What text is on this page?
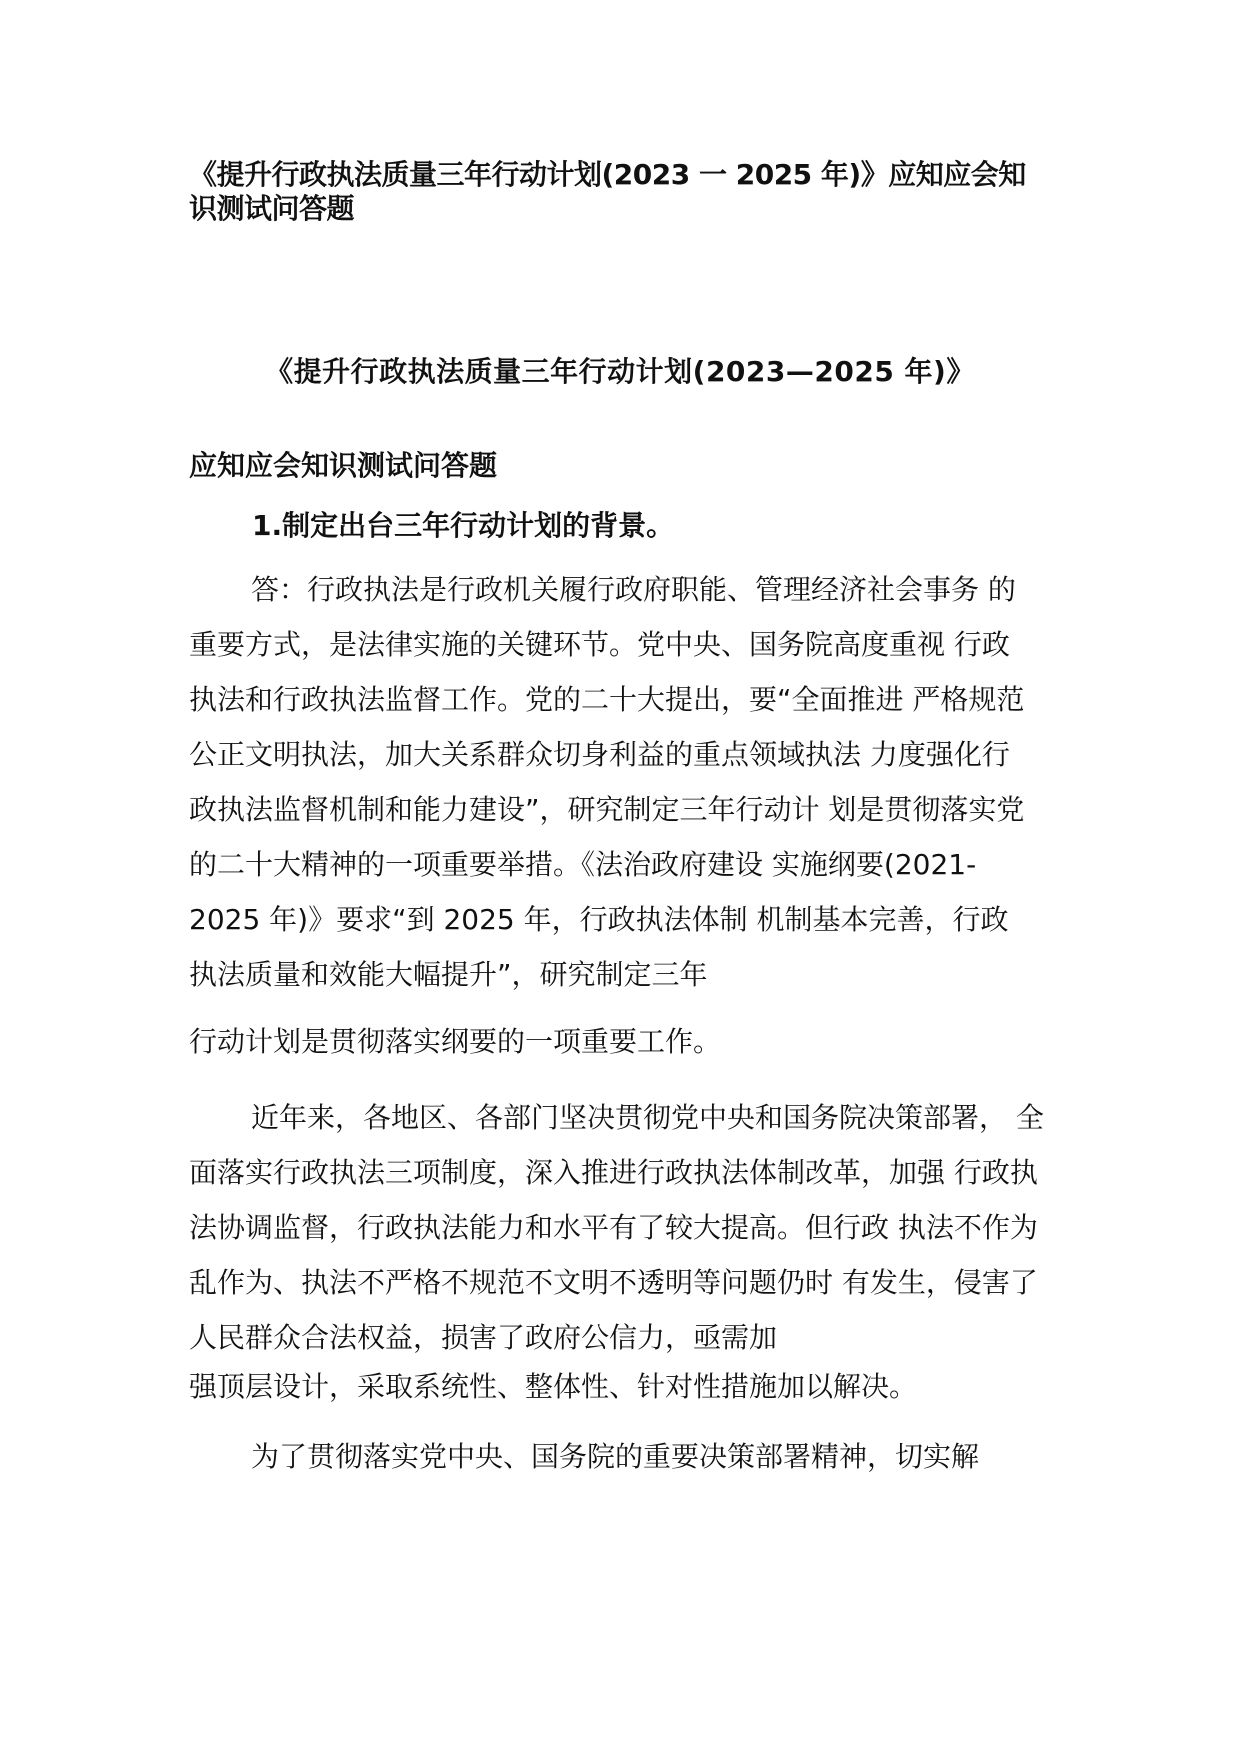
《提升行政执法质量三年行动计划(2023 一 2025 年)》应知应会知
识测试问答题
《提升行政执法质量三年行动计划(2023—2025 年)》
应知应会知识测试问答题
1.制定出台三年行动计划的背景。
答：行政执法是行政机关履行政府职能、管理经济社会事务 的
重要方式，是法律实施的关键环节。党中央、国务院高度重视 行政
执法和行政执法监督工作。党的二十大提出，要“全面推进 严格规范
公正文明执法，加大关系群众切身利益的重点领域执法 力度强化行
政执法监督机制和能力建设”，研究制定三年行动计 划是贯彻落实党
的二十大精神的一项重要举措。《法治政府建设 实施纲要(2021-
2025 年)》要求“到 2025 年，行政执法体制 机制基本完善，行政
执法质量和效能大幅提升”，研究制定三年
行动计划是贯彻落实纲要的一项重要工作。
近年来，各地区、各部门坚决贯彻党中央和国务院决策部署， 全
面落实行政执法三项制度，深入推进行政执法体制改革，加强 行政执
法协调监督，行政执法能力和水平有了较大提高。但行政 执法不作为
乱作为、执法不严格不规范不文明不透明等问题仍时 有发生，侵害了
人民群众合法权益，损害了政府公信力，亟需加
强顶层设计，采取系统性、整体性、针对性措施加以解决。
为了贯彻落实党中央、国务院的重要决策部署精神，切实解
